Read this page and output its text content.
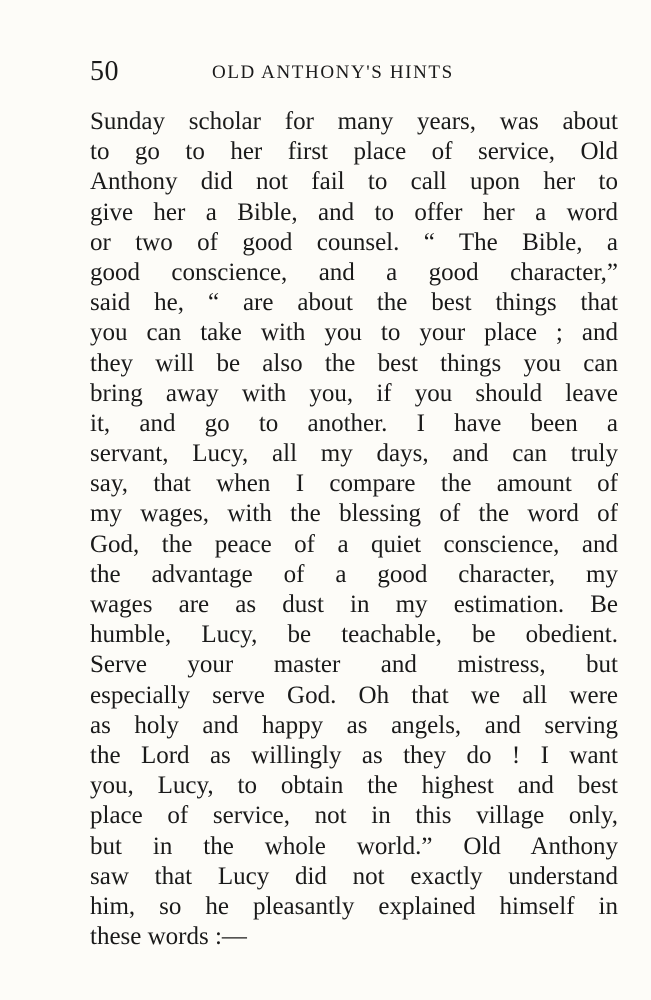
50	OLD ANTHONY'S HINTS
Sunday scholar for many years, was about
to go to her first place of service, Old
Anthony did not fail to call upon her to
give her a Bible, and to offer her a word
or two of good counsel. “ The Bible, a
good conscience, and a good character,”
said he, “ are about the best things that
you can take with you to your place ; and
they will be also the best things you can
bring away with you, if you should leave
it, and go to another. I have been a
servant, Lucy, all my days, and can truly
say, that when I compare the amount of
my wages, with the blessing of the word of
God, the peace of a quiet conscience, and
the advantage of a good character, my
wages are as dust in my estimation. Be
humble, Lucy, be teachable, be obedient.
Serve your master and mistress, but
especially serve God. Oh that we all were
as holy and happy as angels, and serving
the Lord as willingly as they do ! I want
you, Lucy, to obtain the highest and best
place of service, not in this village only,
but in the whole world.” Old Anthony
saw that Lucy did not exactly understand
him, so he pleasantly explained himself in
these words :—
